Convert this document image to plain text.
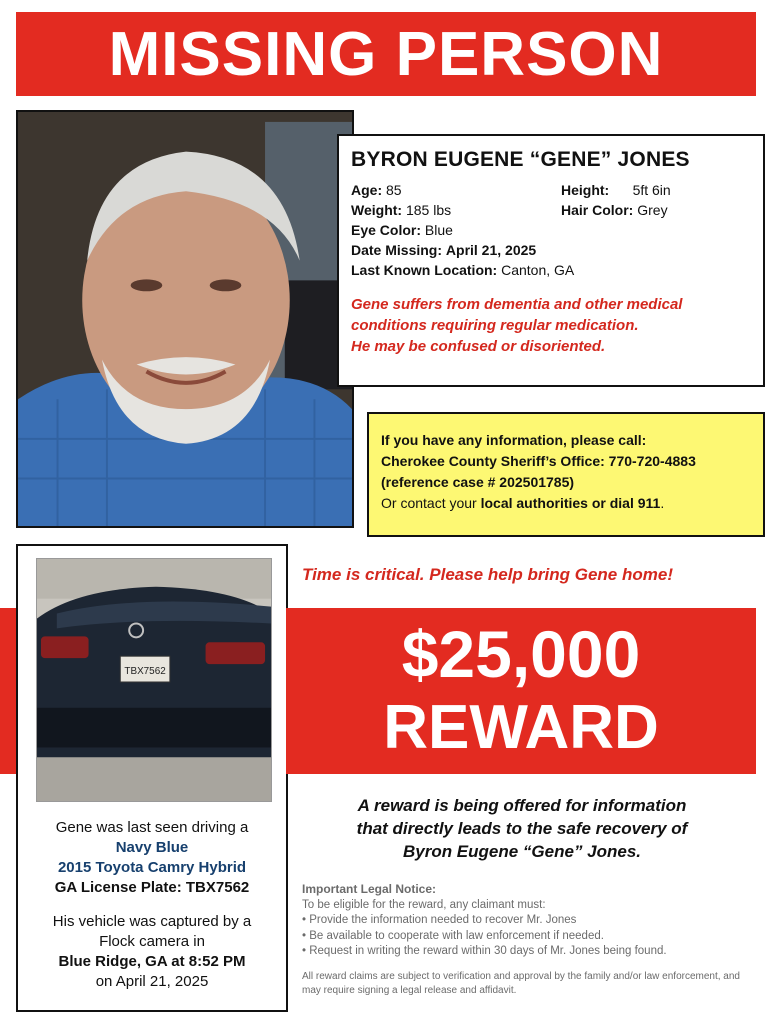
MISSING PERSON
BYRON EUGENE “GENE” JONES
Age: 85	Height: 5ft 6in
Weight: 185 lbs	Hair Color: Grey
Eye Color:
Blue
Date Missing:
April 21, 2025
Last Known Location:
Canton, GA
Gene suffers from dementia and other medical
conditions requiring regular medication.
He may be confused or disoriented.
If you have any information, please call:
Cherokee County Sheriff’s Office: 770-720-4883
(reference case # 202501785)
Or contact your local authorities or dial 911.
TBX7562
Gene was last seen driving a
Navy Blue
2015 Toyota Camry Hybrid
GA License Plate: TBX7562
His vehicle was captured by a
Flock camera in
Blue Ridge, GA at 8:52 PM
on April 21, 2025
Time is critical. Please help bring Gene home!
$25,000
REWARD
A reward is being offered for information
that directly leads to the safe recovery of
Byron Eugene “Gene” Jones.
Important Legal Notice:
To be eligible for the reward, any claimant must:
• Provide the information needed to recover Mr. Jones
• Be available to cooperate with law enforcement if needed.
• Request in writing the reward within 30 days of Mr. Jones being found.
All reward claims are subject to verification and approval by the family and/or law enforcement, and may require signing a legal release and affidavit.
